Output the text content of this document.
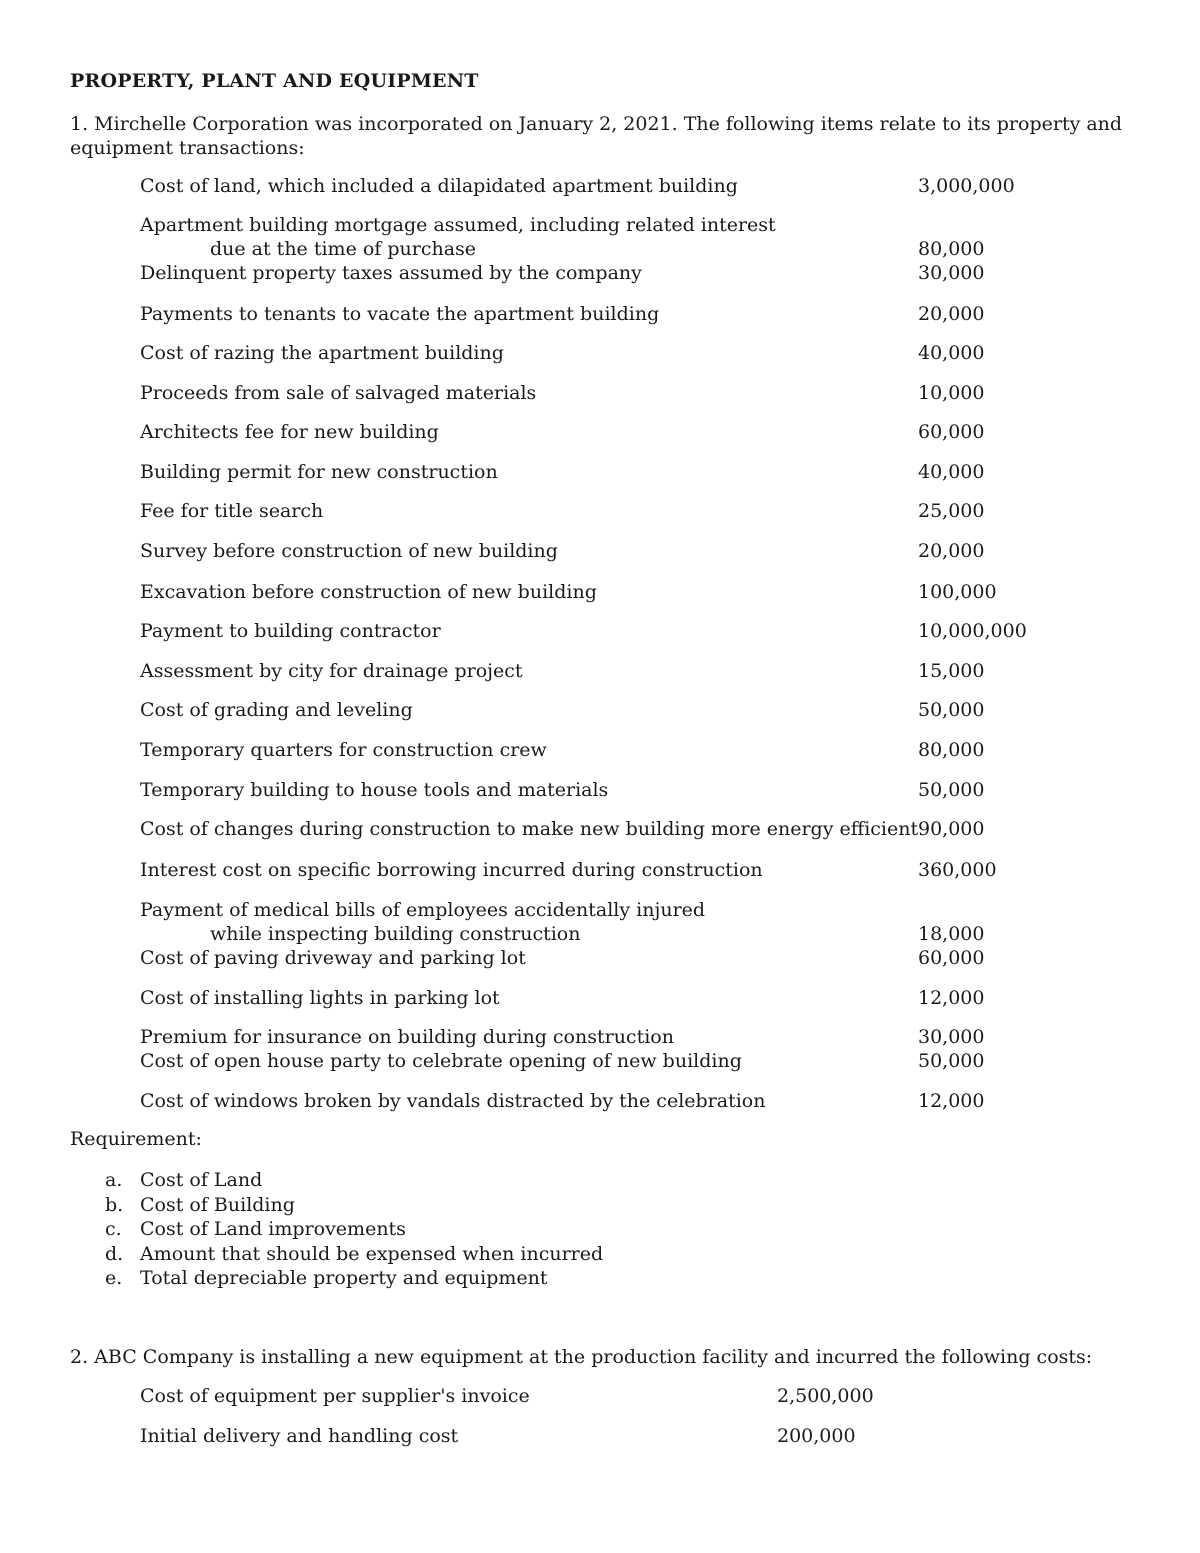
PROPERTY, PLANT AND EQUIPMENT
1. Mirchelle Corporation was incorporated on January 2, 2021. The following items relate to its property and equipment transactions:
Cost of land, which included a dilapidated apartment building	3,000,000
Apartment building mortgage assumed, including related interest
due at the time of purchase	80,000
Delinquent property taxes assumed by the company	30,000
Payments to tenants to vacate the apartment building	20,000
Cost of razing the apartment building	40,000
Proceeds from sale of salvaged materials	10,000
Architects fee for new building	60,000
Building permit for new construction	40,000
Fee for title search	25,000
Survey before construction of new building	20,000
Excavation before construction of new building	100,000
Payment to building contractor	10,000,000
Assessment by city for drainage project	15,000
Cost of grading and leveling	50,000
Temporary quarters for construction crew	80,000
Temporary building to house tools and materials	50,000
Cost of changes during construction to make new building more energy efficient 90,000
Interest cost on specific borrowing incurred during construction	360,000
Payment of medical bills of employees accidentally injured
while inspecting building construction	18,000
Cost of paving driveway and parking lot	60,000
Cost of installing lights in parking lot	12,000
Premium for insurance on building during construction	30,000
Cost of open house party to celebrate opening of new building	50,000
Cost of windows broken by vandals distracted by the celebration	12,000
Requirement:
a. Cost of Land
b. Cost of Building
c. Cost of Land improvements
d. Amount that should be expensed when incurred
e. Total depreciable property and equipment
2. ABC Company is installing a new equipment at the production facility and incurred the following costs:
Cost of equipment per supplier's invoice	2,500,000
Initial delivery and handling cost	200,000
